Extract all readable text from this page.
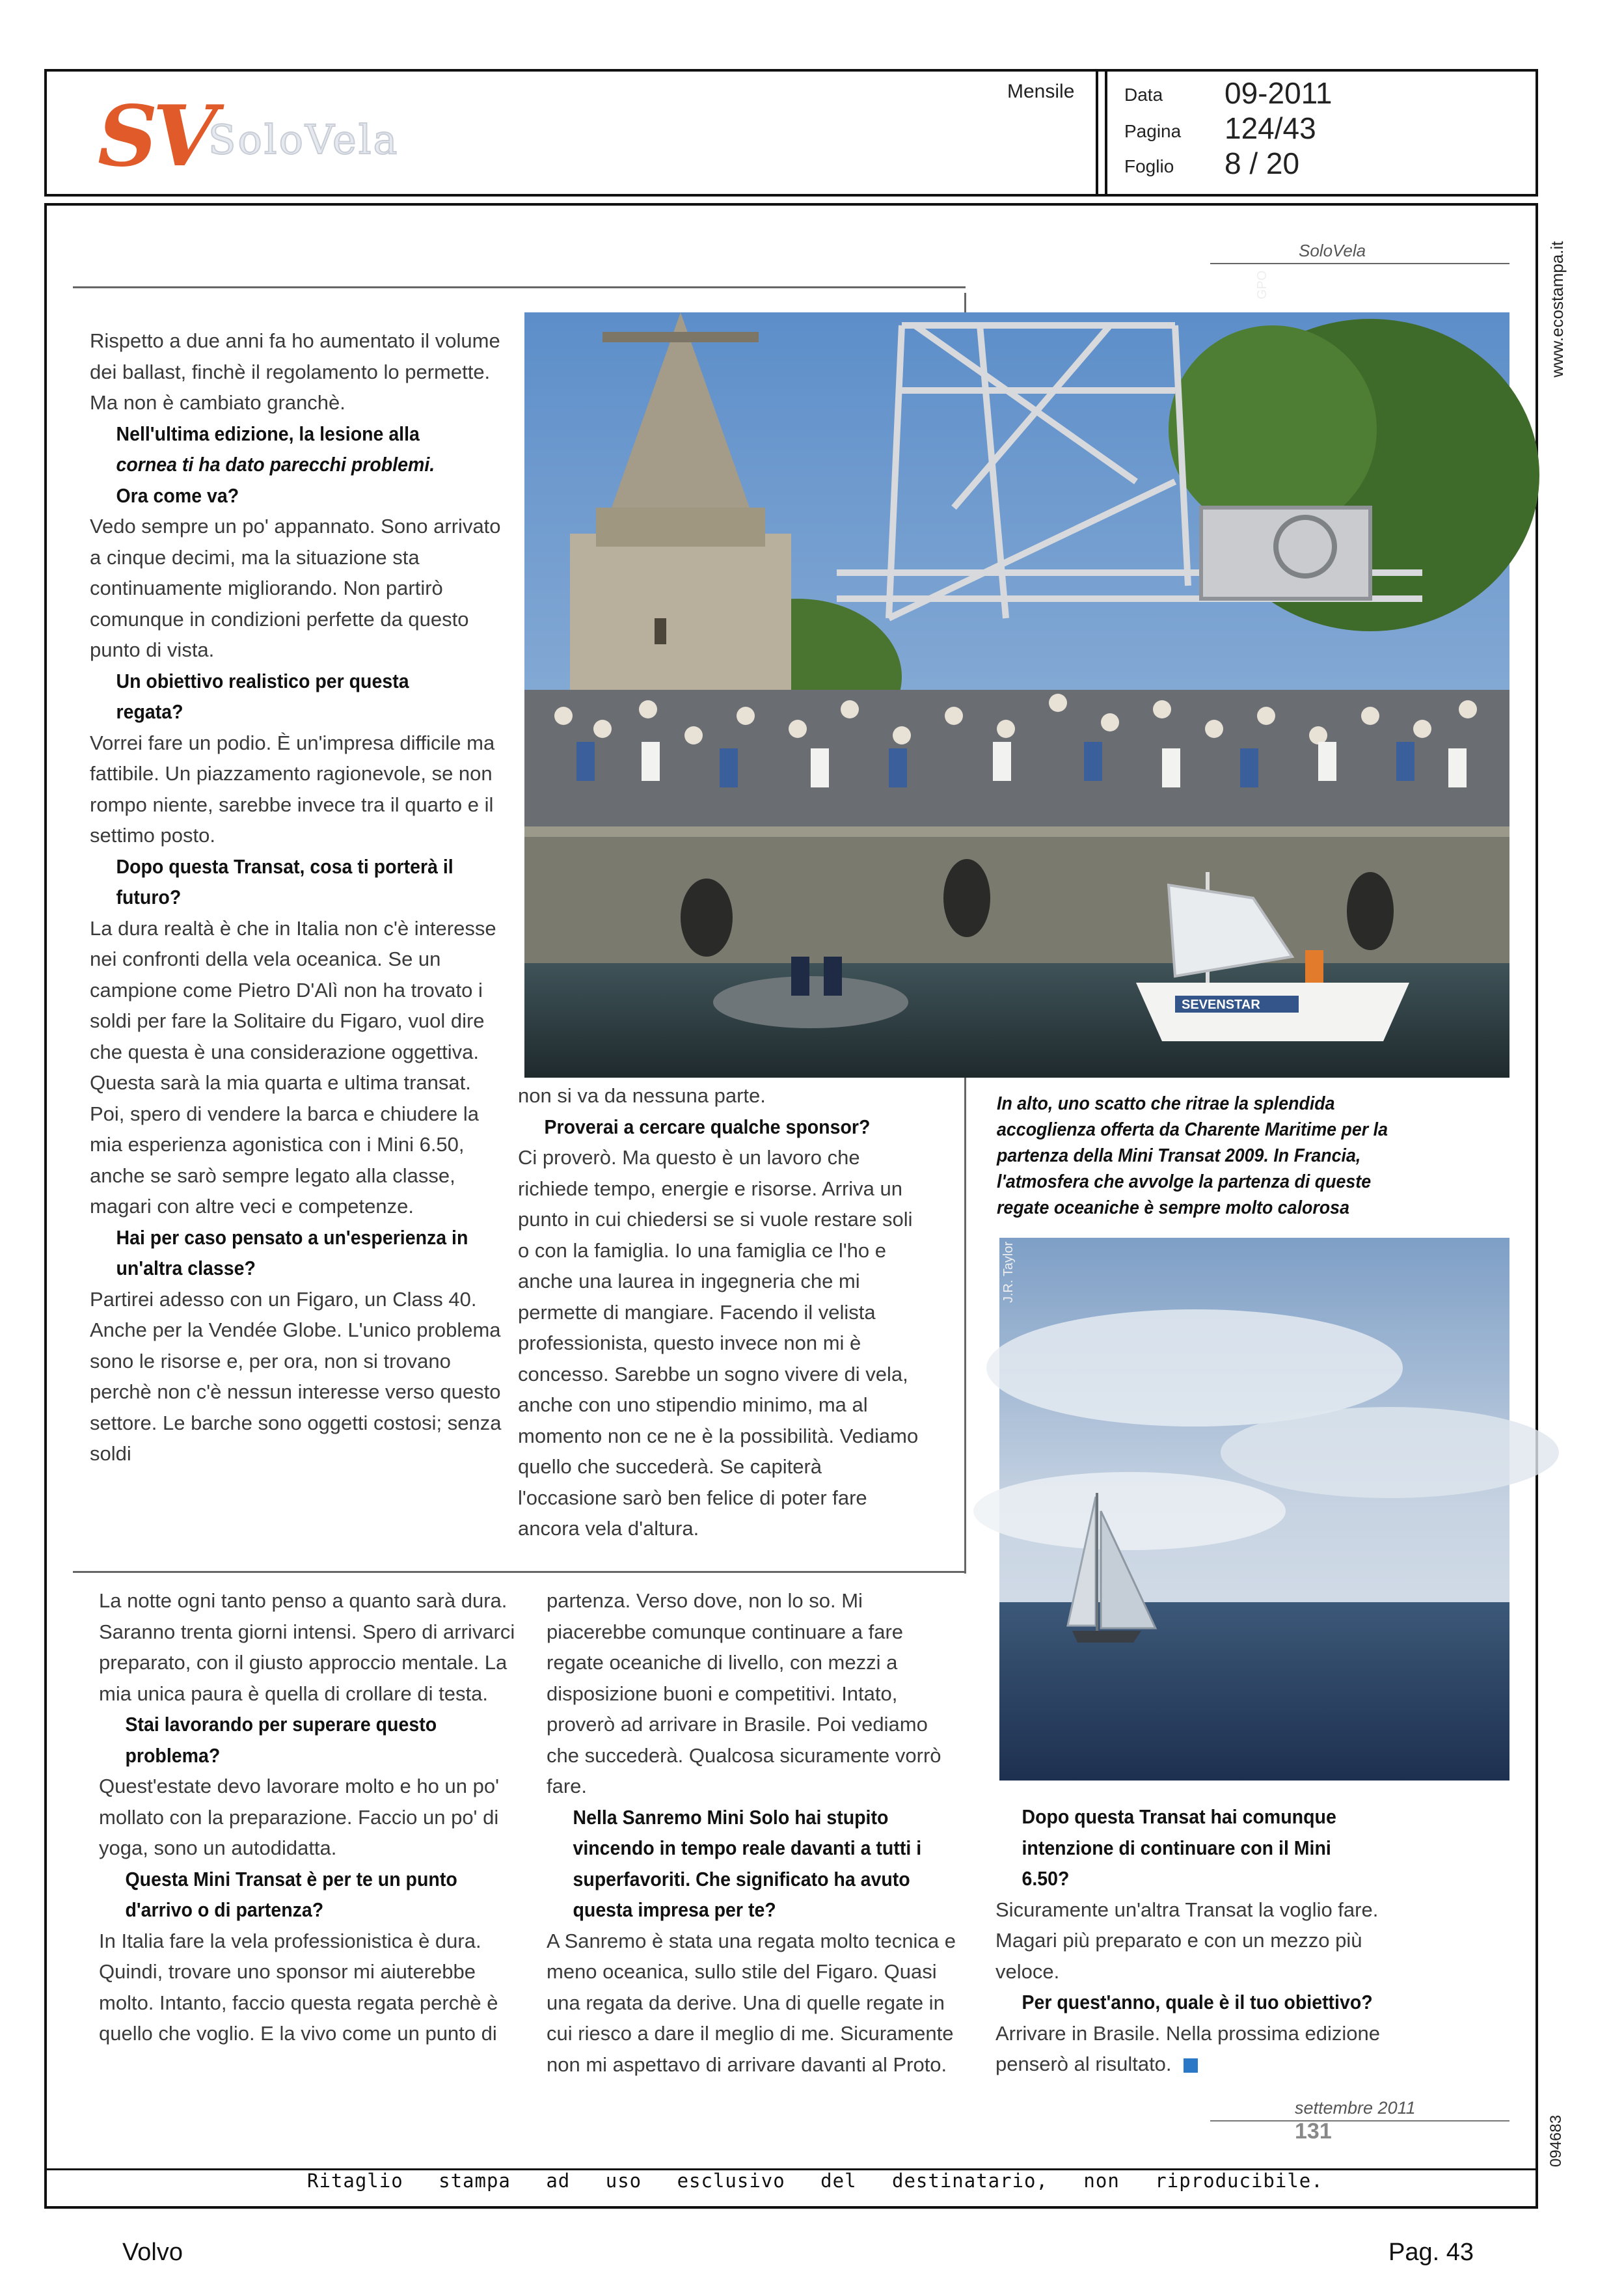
SV
SoloVela
Mensile	Data 09-2011
Pagina 124/43
Foglio 8 / 20
Ritaglio stampa ad uso esclusivo del destinatario, non riproducibile.
www.ecostampa.it
094683
SoloVela
SEVENSTAR
GPO
J.R. Taylor
In alto, uno scatto che ritrae la splendida accoglienza offerta da Charente Maritime per la partenza della Mini Transat 2009. In Francia, l'atmosfera che avvolge la partenza di queste regate oceaniche è sempre molto calorosa

Rispetto a due anni fa ho aumentato il volume dei ballast, finchè il regolamento lo permette. Ma non è cambiato granchè.

Nell'ultima edizione, la lesione alla
cornea ti ha dato parecchi problemi.
Ora come va?

Vedo sempre un po' appannato. Sono arrivato a cinque decimi, ma la situazione sta continuamente migliorando. Non partirò comunque in condizioni perfette da questo punto di vista.

Un obiettivo realistico per questa regata?

Vorrei fare un podio. È un'impresa difficile ma fattibile. Un piazzamento ragionevole, se non rompo niente, sarebbe invece tra il quarto e il settimo posto.

Dopo questa Transat, cosa ti porterà il futuro?

La dura realtà è che in Italia non c'è interesse nei confronti della vela oceanica. Se un campione come Pietro D'Alì non ha trovato i soldi per fare la Solitaire du Figaro, vuol dire che questa è una considerazione oggettiva. Questa sarà la mia quarta e ultima transat. Poi, spero di vendere la barca e chiudere la mia esperienza agonistica con i Mini 6.50, anche se sarò sempre legato alla classe, magari con altre veci e competenze.

Hai per caso pensato a un'esperienza in un'altra classe?

Partirei adesso con un Figaro, un Class 40. Anche per la Vendée Globe. L'unico problema sono le risorse e, per ora, non si trovano perchè non c'è nessun interesse verso questo settore. Le barche sono oggetti costosi; senza soldi

non si va da nessuna parte.

Proverai a cercare qualche sponsor?

Ci proverò. Ma questo è un lavoro che richiede tempo, energie e risorse. Arriva un punto in cui chiedersi se si vuole restare soli o con la famiglia. Io una famiglia ce l'ho e anche una laurea in ingegneria che mi permette di mangiare. Facendo il velista professionista, questo invece non mi è concesso. Sarebbe un sogno vivere di vela, anche con uno stipendio minimo, ma al momento non ce ne è la possibilità. Vediamo quello che succederà. Se capiterà l'occasione sarò ben felice di poter fare ancora vela d'altura.

La notte ogni tanto penso a quanto sarà dura. Saranno trenta giorni intensi. Spero di arrivarci preparato, con il giusto approccio mentale. La mia unica paura è quella di crollare di testa.

Stai lavorando per superare questo problema?

Quest'estate devo lavorare molto e ho un po' mollato con la preparazione. Faccio un po' di yoga, sono un autodidatta.

Questa Mini Transat è per te un punto d'arrivo o di partenza?

In Italia fare la vela professionistica è dura. Quindi, trovare uno sponsor mi aiuterebbe molto. Intanto, faccio questa regata perchè è quello che voglio. E la vivo come un punto di

partenza. Verso dove, non lo so. Mi piacerebbe comunque continuare a fare regate oceaniche di livello, con mezzi a disposizione buoni e competitivi. Intato, proverò ad arrivare in Brasile. Poi vediamo che succederà. Qualcosa sicuramente vorrò fare.

Nella Sanremo Mini Solo hai stupito vincendo in tempo reale davanti a tutti i superfavoriti. Che significato ha avuto questa impresa per te?

A Sanremo è stata una regata molto tecnica e meno oceanica, sullo stile del Figaro. Quasi una regata da derive. Una di quelle regate in cui riesco a dare il meglio di me. Sicuramente non mi aspettavo di arrivare davanti al Proto.

Dopo questa Transat hai comunque intenzione di continuare con il Mini 6.50?

Sicuramente un'altra Transat la voglio fare. Magari più preparato e con un mezzo più veloce.

Per quest'anno, quale è il tuo obiettivo?

Arrivare in Brasile. Nella prossima edizione penserò al risultato.

settembre 2011
131
Volvo	Pag. 43
